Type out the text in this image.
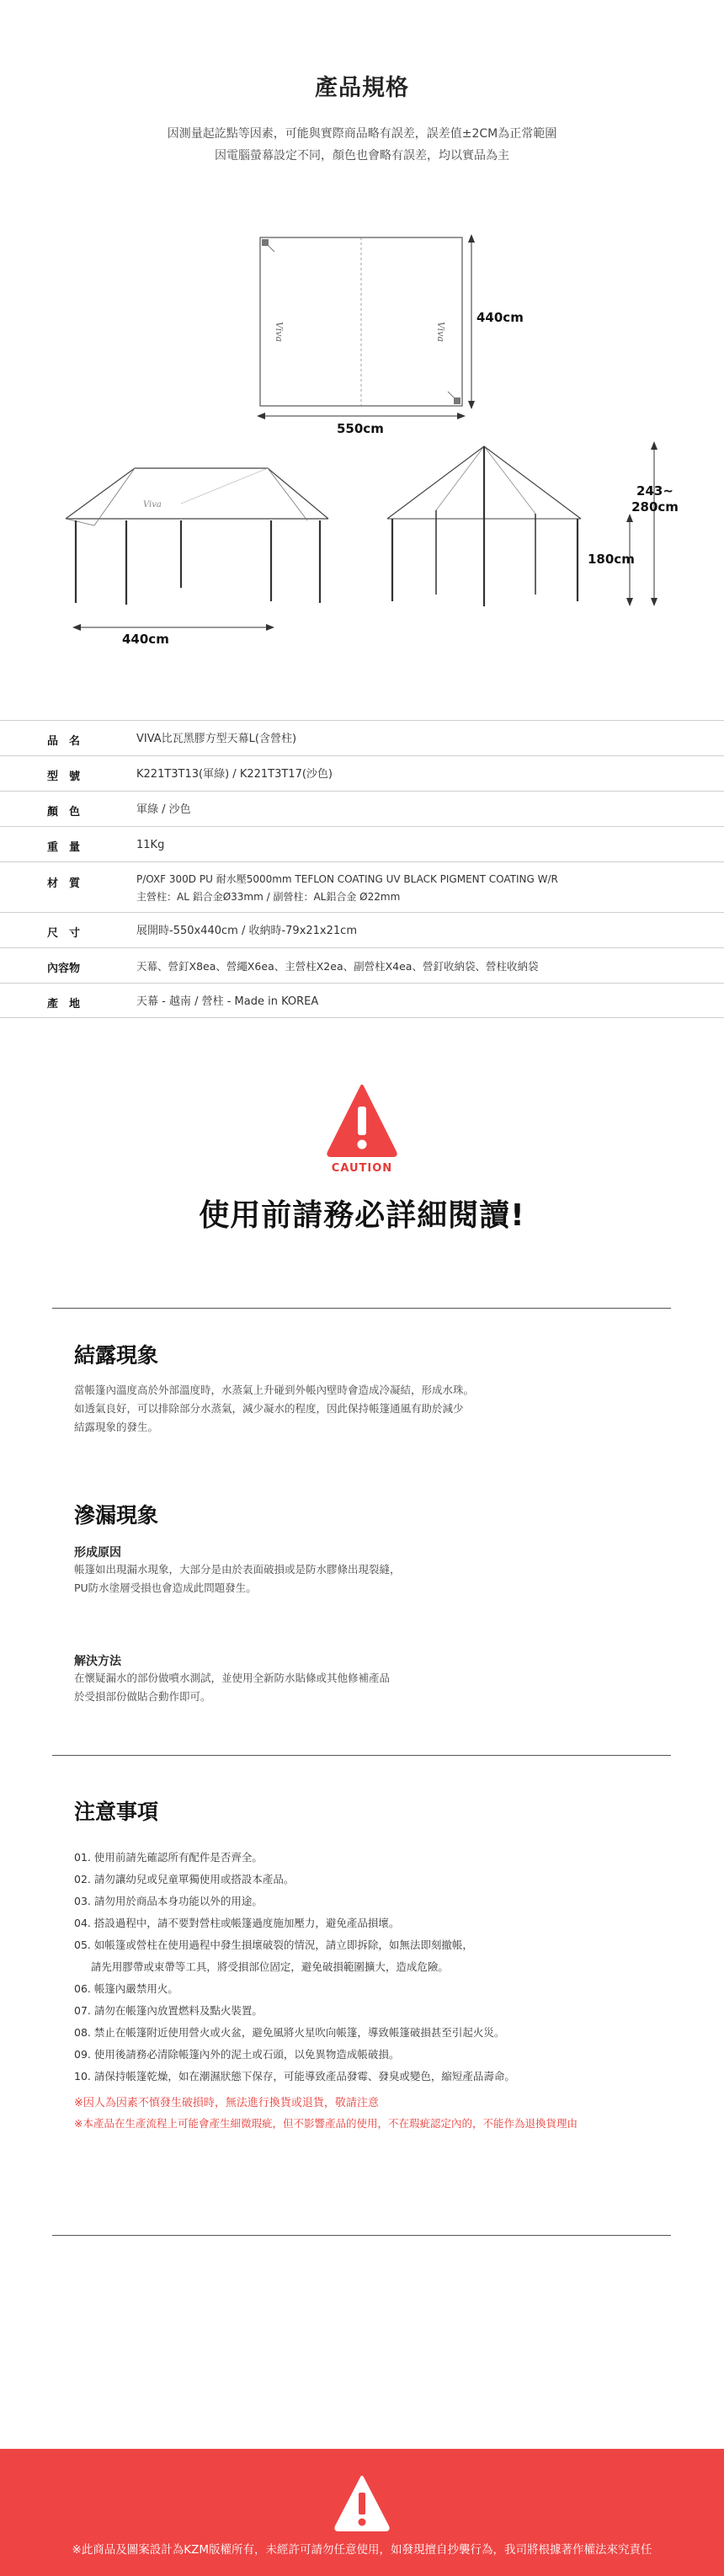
產品規格
因測量起訖點等因素，可能與實際商品略有誤差，誤差值±2CM為正常範圍
因電腦螢幕設定不同，顏色也會略有誤差，均以實品為主
Viva	Viva
440cm
550cm
Viva
440cm
180cm
243~
280cm
品　名	VIVA比瓦黑膠方型天幕L(含營柱)
型　號	K221T3T13(軍綠) / K221T3T17(沙色)
顏　色	軍綠 / 沙色
重　量	11Kg
材　質	P/OXF 300D PU 耐水壓5000mm TEFLON COATING UV BLACK PIGMENT COATING W/R
主營柱：AL 鋁合金Ø33mm / 副營柱：AL鋁合金 Ø22mm
尺　寸	展開時-550x440cm / 收納時-79x21x21cm
內容物	天幕、營釘X8ea、營繩X6ea、主營柱X2ea、副營柱X4ea、營釘收納袋、營柱收納袋
產　地	天幕 - 越南 / 營柱 - Made in KOREA
CAUTION
使用前請務必詳細閱讀!
結露現象
當帳篷內溫度高於外部溫度時，水蒸氣上升碰到外帳內壁時會造成冷凝結，形成水珠。
如透氣良好，可以排除部分水蒸氣，減少凝水的程度，因此保持帳篷通風有助於減少
結露現象的發生。
滲漏現象
形成原因
帳篷如出現漏水現象，大部分是由於表面破損或是防水膠條出現裂縫，
PU防水塗層受損也會造成此問題發生。
解決方法
在懷疑漏水的部份做噴水測試，並使用全新防水貼條或其他修補產品
於受損部份做貼合動作即可。
注意事項
01. 使用前請先確認所有配件是否齊全。
02. 請勿讓幼兒或兒童單獨使用或搭設本產品。
03. 請勿用於商品本身功能以外的用途。
04. 搭設過程中，請不要對營柱或帳篷過度施加壓力，避免產品損壞。
05. 如帳篷或營柱在使用過程中發生損壞破裂的情況，請立即拆除，如無法即刻撤帳，
請先用膠帶或束帶等工具，將受損部位固定，避免破損範圍擴大，造成危險。
06. 帳篷內嚴禁用火。
07. 請勿在帳篷內放置燃料及點火裝置。
08. 禁止在帳篷附近使用營火或火盆，避免風將火星吹向帳篷，導致帳篷破損甚至引起火災。
09. 使用後請務必清除帳篷內外的泥土或石頭，以免異物造成帳破損。
10. 請保持帳篷乾燥，如在潮濕狀態下保存，可能導致產品發霉、發臭或變色，縮短產品壽命。
※因人為因素不慎發生破損時，無法進行換貨或退貨，敬請注意
※本產品在生產流程上可能會產生細微瑕疵，但不影響產品的使用，不在瑕疵認定內的，不能作為退換貨理由
※此商品及圖案設計為KZM版權所有，未經許可請勿任意使用，如發現擅自抄襲行為，我司將根據著作權法來究責任
